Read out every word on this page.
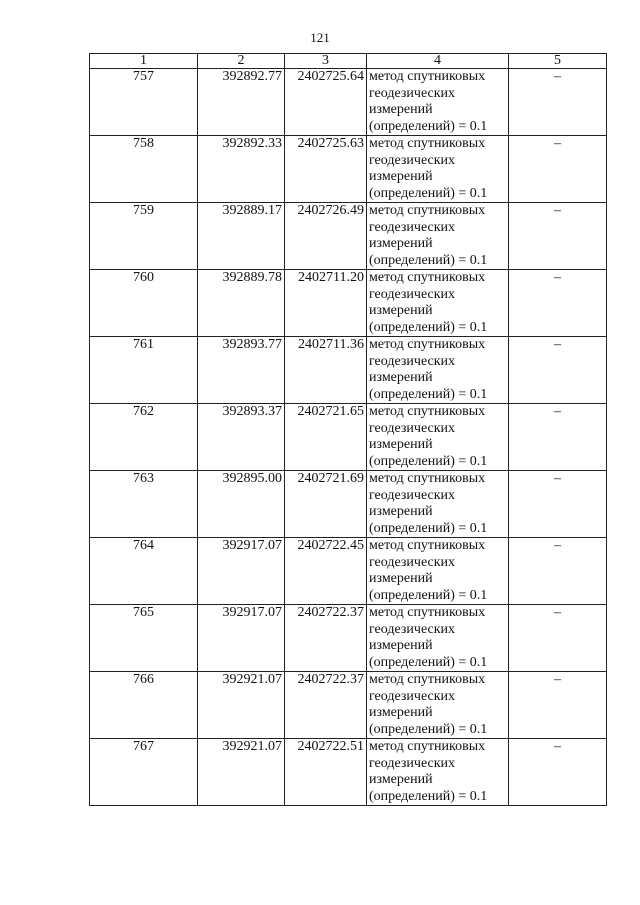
121
1	2	3	4	5
757	392892.77	2402725.64	метод спутниковых геодезических измерений (определений) = 0.1	–
758	392892.33	2402725.63	метод спутниковых геодезических измерений (определений) = 0.1	–
759	392889.17	2402726.49	метод спутниковых геодезических измерений (определений) = 0.1	–
760	392889.78	2402711.20	метод спутниковых геодезических измерений (определений) = 0.1	–
761	392893.77	2402711.36	метод спутниковых геодезических измерений (определений) = 0.1	–
762	392893.37	2402721.65	метод спутниковых геодезических измерений (определений) = 0.1	–
763	392895.00	2402721.69	метод спутниковых геодезических измерений (определений) = 0.1	–
764	392917.07	2402722.45	метод спутниковых геодезических измерений (определений) = 0.1	–
765	392917.07	2402722.37	метод спутниковых геодезических измерений (определений) = 0.1	–
766	392921.07	2402722.37	метод спутниковых геодезических измерений (определений) = 0.1	–
767	392921.07	2402722.51	метод спутниковых геодезических измерений (определений) = 0.1	–
